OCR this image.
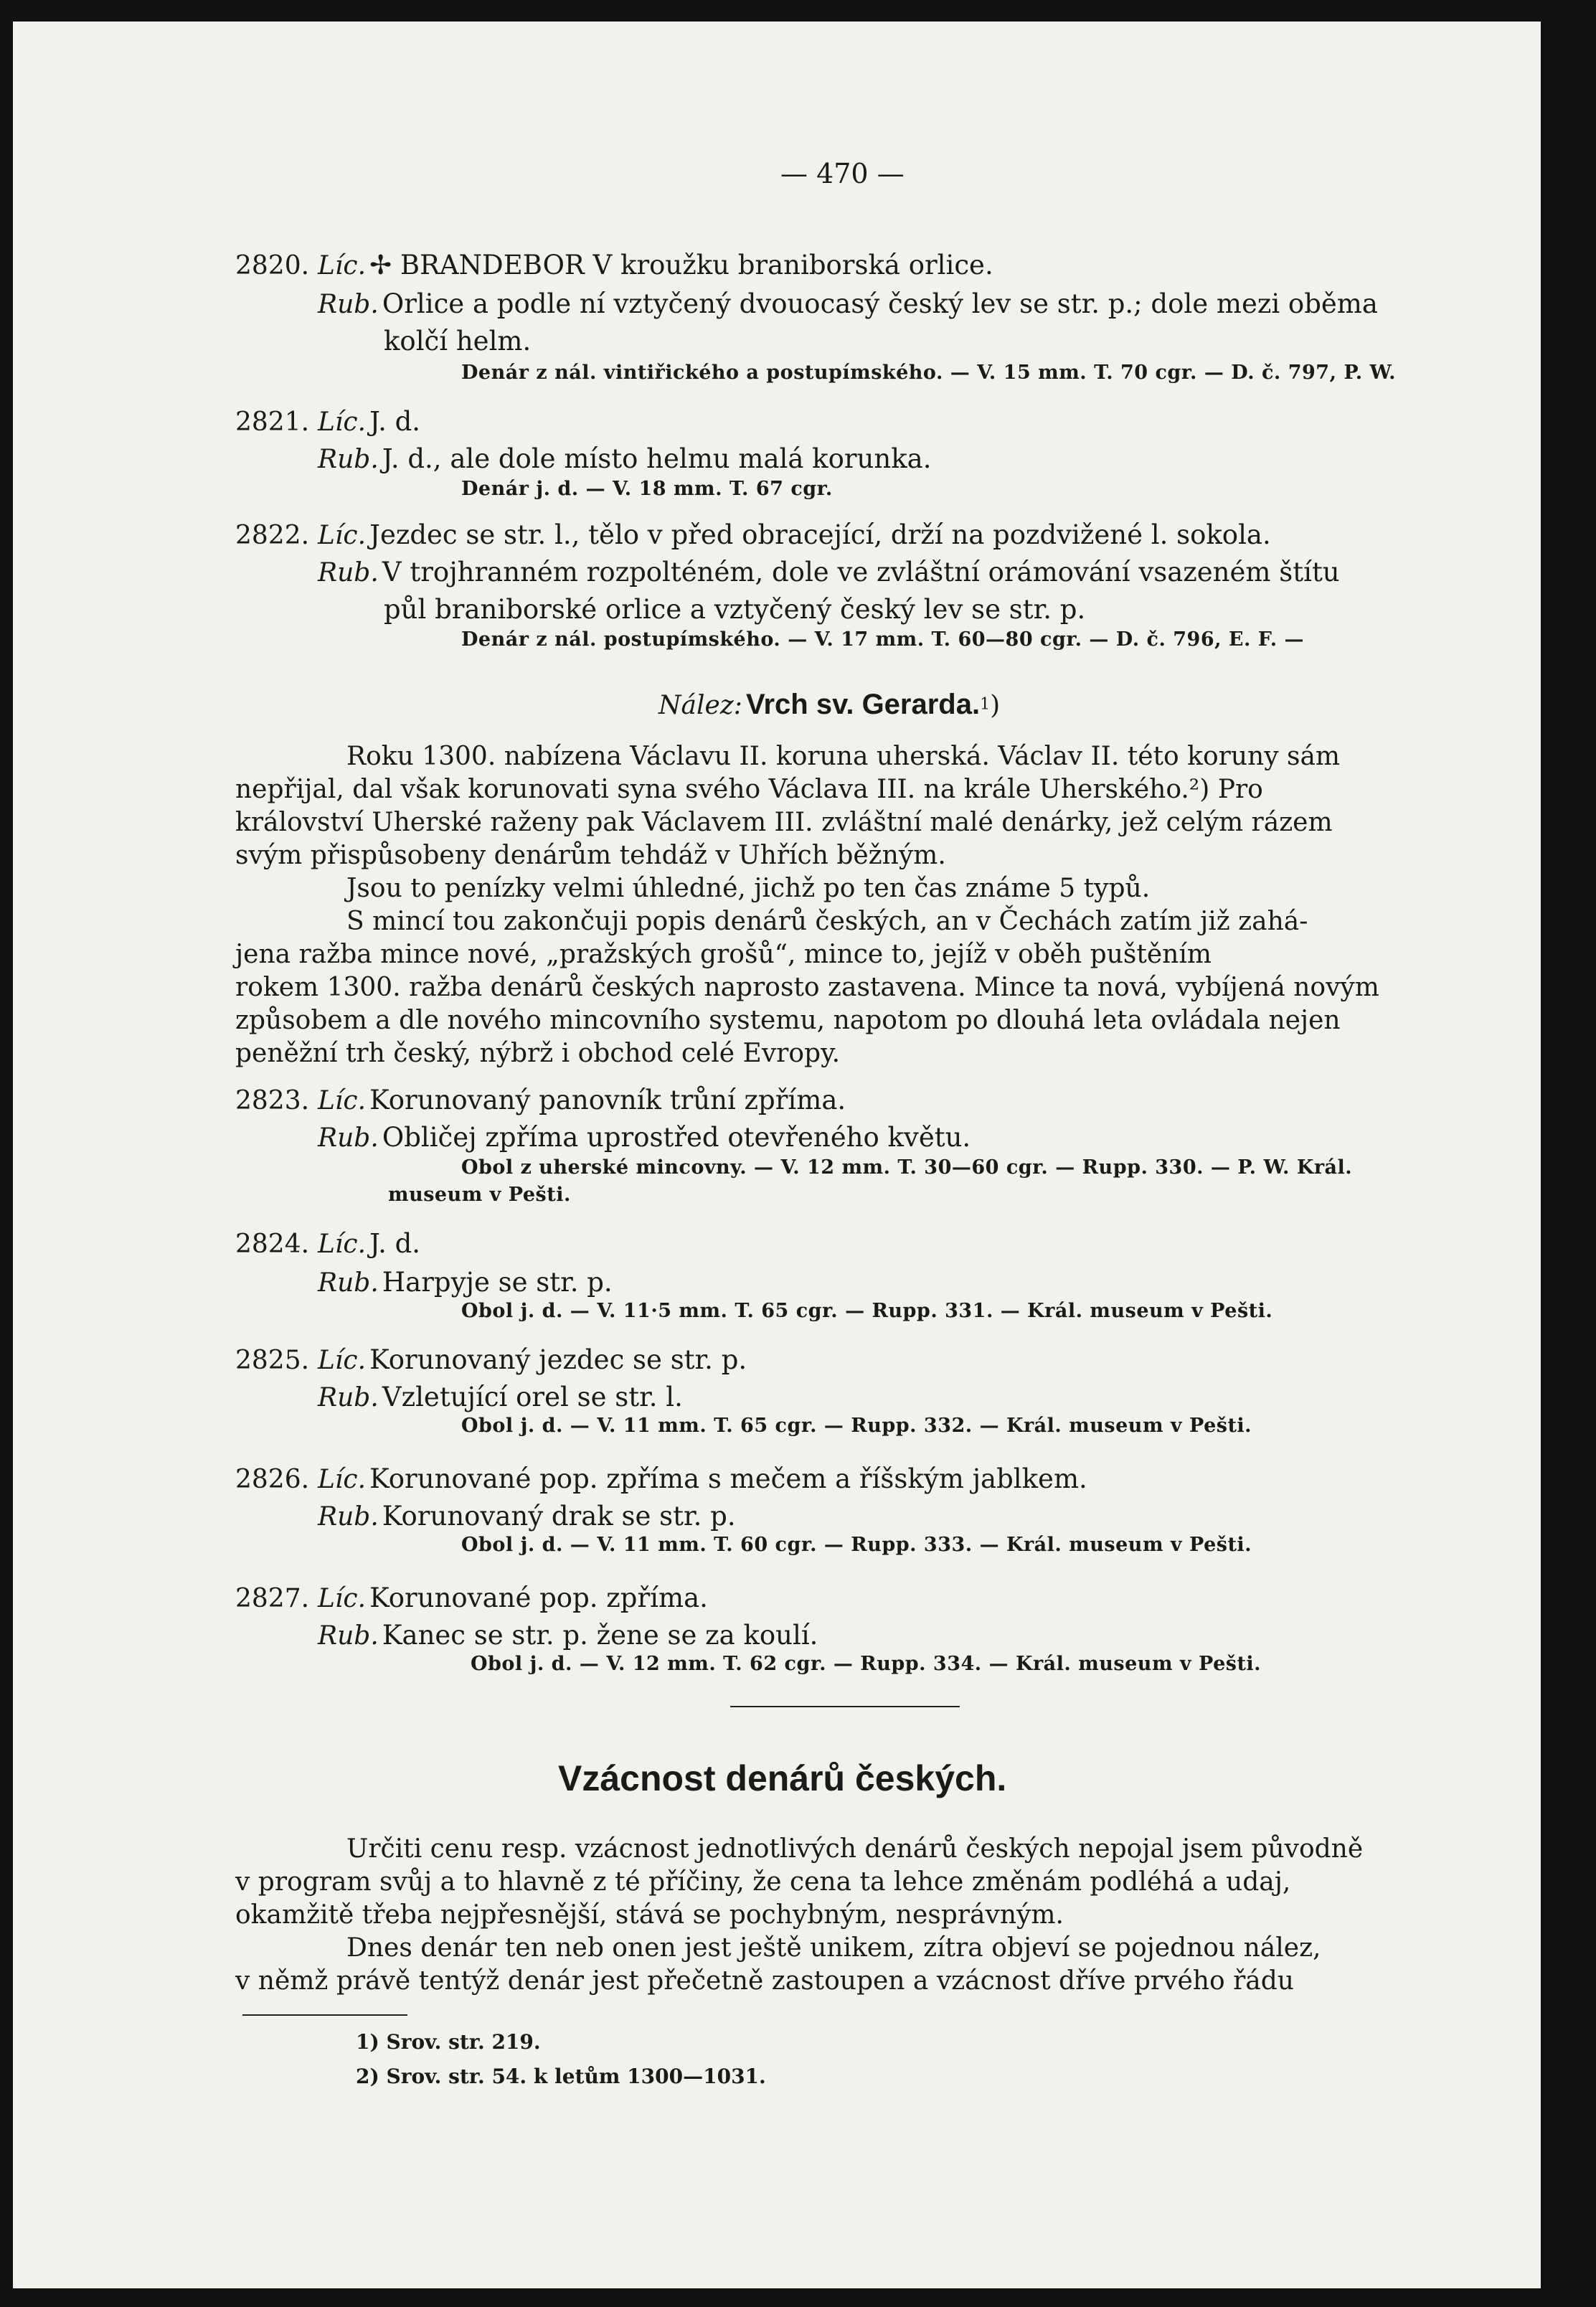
— 470 —
2820. Líc. ✢ BRANDEBOR V kroužku braniborská orlice.
Rub. Orlice a podle ní vztyčený dvouocasý český lev se str. p.; dole mezi oběma
kolčí helm.
Denár z nál. vintiřického a postupímského. — V. 15 mm. T. 70 cgr. — D. č. 797, P. W.
2821. Líc. J. d.
Rub. J. d., ale dole místo helmu malá korunka.
Denár j. d. — V. 18 mm. T. 67 cgr.
2822. Líc. Jezdec se str. l., tělo v před obracející, drží na pozdvižené l. sokola.
Rub. V trojhranném rozpolténém, dole ve zvláštní orámování vsazeném štítu
půl braniborské orlice a vztyčený český lev se str. p.
Denár z nál. postupímského. — V. 17 mm. T. 60—80 cgr. — D. č. 796, E. F. —
Nález: Vrch sv. Gerarda.$^1$)
Roku 1300. nabízena Václavu II. koruna uherská. Václav II. této koruny sám
nepřijal, dal však korunovati syna svého Václava III. na krále Uherského.²) Pro
království Uherské raženy pak Václavem III. zvláštní malé denárky, jež celým rázem
svým přispůsobeny denárům tehdáž v Uhřích běžným.
Jsou to penízky velmi úhledné, jichž po ten čas známe 5 typů.
S mincí tou zakončuji popis denárů českých, an v Čechách zatím již zahá-
jena ražba mince nové, „pražských grošů“, mince to, jejíž v oběh puštěním
rokem 1300. ražba denárů českých naprosto zastavena. Mince ta nová, vybíjená novým
způsobem a dle nového mincovního systemu, napotom po dlouhá leta ovládala nejen
peněžní trh český, nýbrž i obchod celé Evropy.
2823. Líc. Korunovaný panovník trůní zpříma.
Rub. Obličej zpříma uprostřed otevřeného květu.
Obol z uherské mincovny. — V. 12 mm. T. 30—60 cgr. — Rupp. 330. — P. W. Král.
museum v Pešti.
2824. Líc. J. d.
Rub. Harpyje se str. p.
Obol j. d. — V. 11·5 mm. T. 65 cgr. — Rupp. 331. — Král. museum v Pešti.
2825. Líc. Korunovaný jezdec se str. p.
Rub. Vzletující orel se str. l.
Obol j. d. — V. 11 mm. T. 65 cgr. — Rupp. 332. — Král. museum v Pešti.
2826. Líc. Korunované pop. zpříma s mečem a říšským jablkem.
Rub. Korunovaný drak se str. p.
Obol j. d. — V. 11 mm. T. 60 cgr. — Rupp. 333. — Král. museum v Pešti.
2827. Líc. Korunované pop. zpříma.
Rub. Kanec se str. p. žene se za koulí.
Obol j. d. — V. 12 mm. T. 62 cgr. — Rupp. 334. — Král. museum v Pešti.
Vzácnost denárů českých.
Určiti cenu resp. vzácnost jednotlivých denárů českých nepojal jsem původně
v program svůj a to hlavně z té příčiny, že cena ta lehce změnám podléhá a udaj,
okamžitě třeba nejpřesnější, stává se pochybným, nesprávným.
Dnes denár ten neb onen jest ještě unikem, zítra objeví se pojednou nález,
v němž právě tentýž denár jest přečetně zastoupen a vzácnost dříve prvého řádu
1) Srov. str. 219.
2) Srov. str. 54. k letům 1300—1031.
